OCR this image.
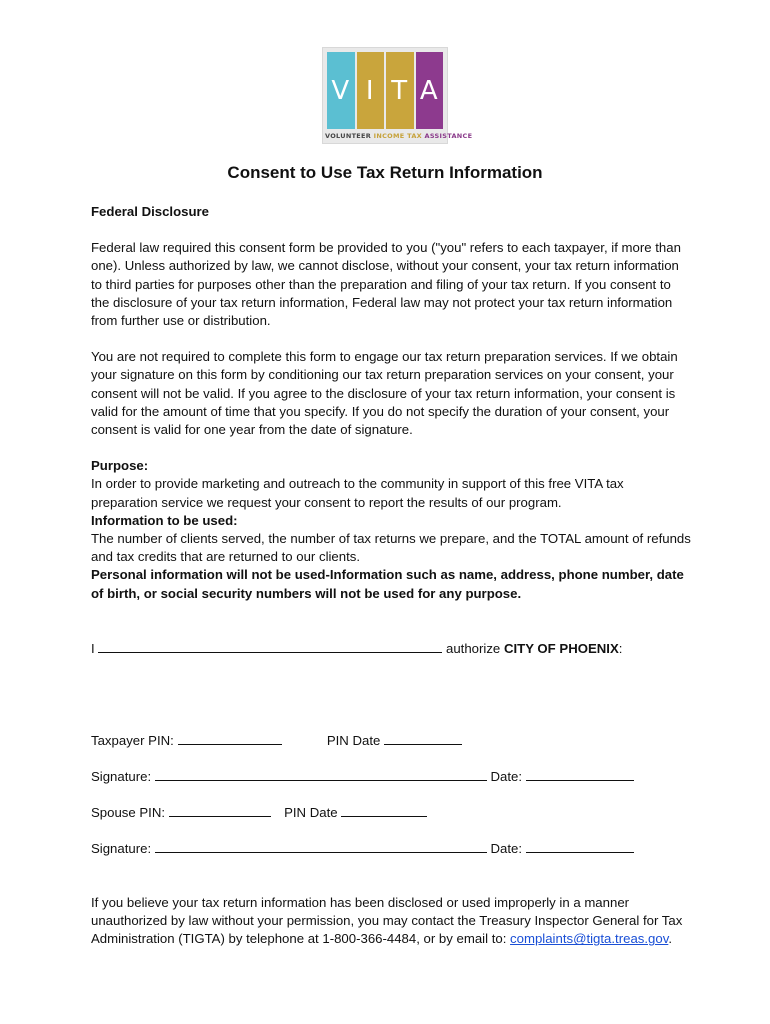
V I T A
VOLUNTEER INCOME TAX ASSISTANCE
Consent to Use Tax Return Information

Federal Disclosure

Federal law required this consent form be provided to you ("you" refers to each taxpayer, if more than one). Unless authorized by law, we cannot disclose, without your consent, your tax return information to third parties for purposes other than the preparation and filing of your tax return. If you consent to the disclosure of your tax return information, Federal law may not protect your tax return information from further use or distribution.

You are not required to complete this form to engage our tax return preparation services. If we obtain your signature on this form by conditioning our tax return preparation services on your consent, your consent will not be valid. If you agree to the disclosure of your tax return information, your consent is valid for the amount of time that you specify. If you do not specify the duration of your consent, your consent is valid for one year from the date of signature.

Purpose:

In order to provide marketing and outreach to the community in support of this free VITA tax preparation service we request your consent to report the results of our program.

Information to be used:

The number of clients served, the number of tax returns we prepare, and the TOTAL amount of refunds and tax credits that are returned to our clients.

Personal information will not be used-Information such as name, address, phone number, date of birth, or social security numbers will not be used for any purpose.

I	authorize CITY OF PHOENIX:
Taxpayer PIN:	PIN Date
Signature:	Date:
Spouse PIN:	PIN Date
Signature:	Date:
If you believe your tax return information has been disclosed or used improperly in a manner unauthorized by law without your permission, you may contact the Treasury Inspector General for Tax Administration (TIGTA) by telephone at 1-800-366-4484, or by email to: complaints@tigta.treas.gov.
